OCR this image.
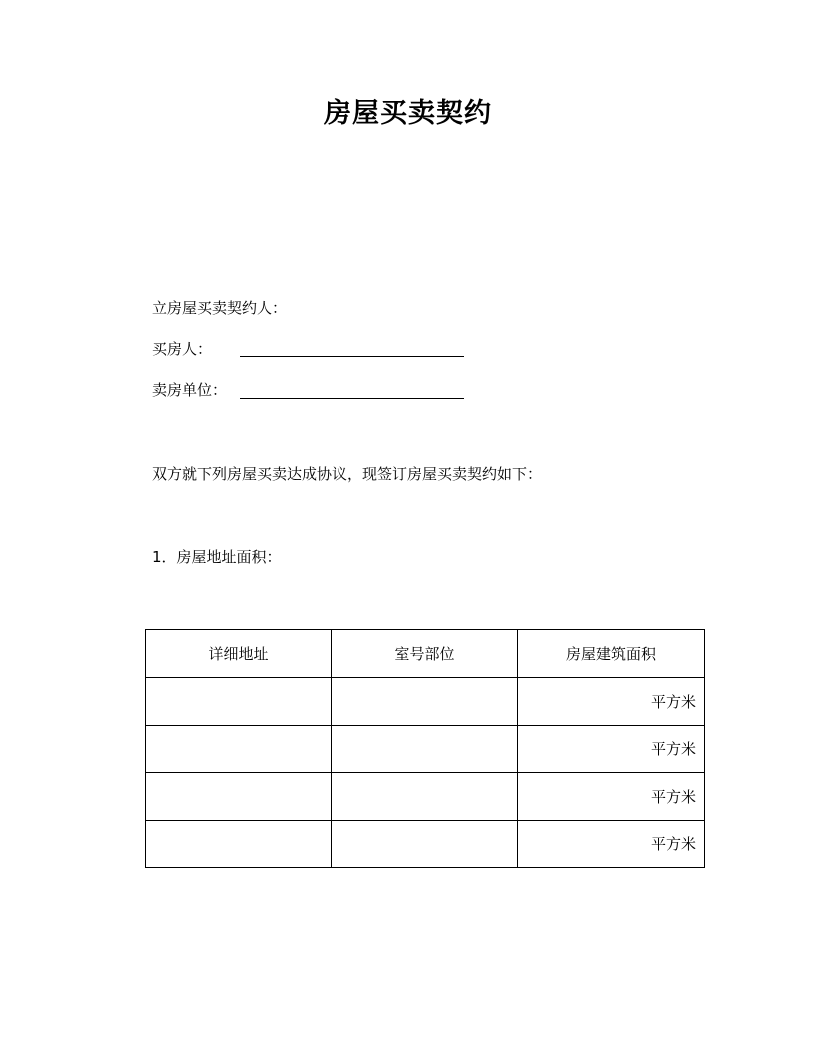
房屋买卖契约
立房屋买卖契约人：
买房人：
卖房单位：
双方就下列房屋买卖达成协议，现签订房屋买卖契约如下：
1．房屋地址面积：
详细地址	室号部位	房屋建筑面积
		平方米
		平方米
		平方米
		平方米
